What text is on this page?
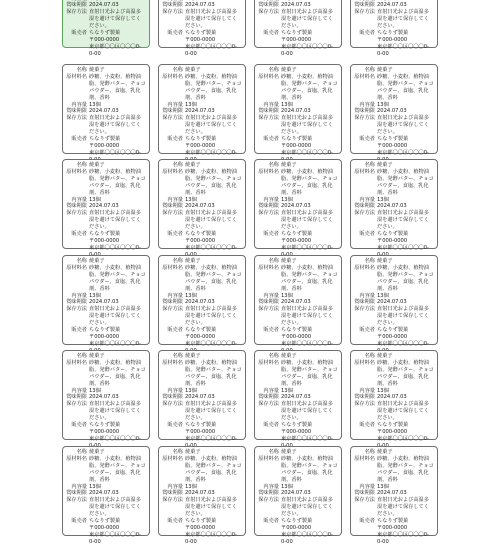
賞味期限 2024.07.03
保存方法 直射日光および高温多湿を避けて保存してください。
販売者 ちなりず製菓
〒000-0000
東京都〇〇区〇〇〇0-0-00
賞味期限 2024.07.03
保存方法 直射日光および高温多湿を避けて保存してください。
販売者 ちなりず製菓
〒000-0000
東京都〇〇区〇〇〇0-0-00
賞味期限 2024.07.03
保存方法 直射日光および高温多湿を避けて保存してください。
販売者 ちなりず製菓
〒000-0000
東京都〇〇区〇〇〇0-0-00
賞味期限 2024.07.03
保存方法 直射日光および高温多湿を避けて保存してください。
販売者 ちなりず製菓
〒000-0000
東京都〇〇区〇〇〇0-0-00
名称 焼菓子
原材料名 砂糖、小麦粉、植物油脂、発酵バター、チョコパウダー、食塩、乳化剤、香料
内容量 13個
賞味期限 2024.07.03
保存方法 直射日光および高温多湿を避けて保存してください。
販売者 ちなりず製菓
〒000-0000
東京都〇〇区〇〇〇0-
名称 焼菓子
原材料名 砂糖、小麦粉、植物油脂、発酵バター、チョコパウダー、食塩、乳化剤、香料
内容量 13個
賞味期限 2024.07.03
保存方法 直射日光および高温多湿を避けて保存してください。
販売者 ちなりず製菓
〒000-0000
東京都〇〇区〇〇〇0-
名称 焼菓子
原材料名 砂糖、小麦粉、植物油脂、発酵バター、チョコパウダー、食塩、乳化剤、香料
内容量 13個
賞味期限 2024.07.03
保存方法 直射日光および高温多湿を避けて保存してください。
販売者 ちなりず製菓
〒000-0000
東京都〇〇区〇〇〇0-
名称 焼菓子
原材料名 砂糖、小麦粉、植物油脂、発酵バター、チョコパウダー、食塩、乳化剤、香料
内容量 13個
賞味期限 2024.07.03
保存方法 直射日光および高温多湿を避けて保存してください。
販売者 ちなりず製菓
〒000-0000
東京都〇〇区〇〇〇0-
名称 焼菓子
原材料名 砂糖、小麦粉、植物油脂、発酵バター、チョコパウダー、食塩、乳化剤、香料
内容量 13個
賞味期限 2024.07.03
保存方法 直射日光および高温多湿を避けて保存してください。
販売者 ちなりず製菓
〒000-0000
東京都〇〇区〇〇〇0-
名称 焼菓子
原材料名 砂糖、小麦粉、植物油脂、発酵バター、チョコパウダー、食塩、乳化剤、香料
内容量 13個
賞味期限 2024.07.03
保存方法 直射日光および高温多湿を避けて保存してください。
販売者 ちなりず製菓
〒000-0000
東京都〇〇区〇〇〇0-
名称 焼菓子
原材料名 砂糖、小麦粉、植物油脂、発酵バター、チョコパウダー、食塩、乳化剤、香料
内容量 13個
賞味期限 2024.07.03
保存方法 直射日光および高温多湿を避けて保存してください。
販売者 ちなりず製菓
〒000-0000
東京都〇〇区〇〇〇0-
名称 焼菓子
原材料名 砂糖、小麦粉、植物油脂、発酵バター、チョコパウダー、食塩、乳化剤、香料
内容量 13個
賞味期限 2024.07.03
保存方法 直射日光および高温多湿を避けて保存してください。
販売者 ちなりず製菓
〒000-0000
東京都〇〇区〇〇〇0-
名称 焼菓子
原材料名 砂糖、小麦粉、植物油脂、発酵バター、チョコパウダー、食塩、乳化剤、香料
内容量 13個
賞味期限 2024.07.03
保存方法 直射日光および高温多湿を避けて保存してください。
販売者 ちなりず製菓
〒000-0000
東京都〇〇区〇〇〇0-
名称 焼菓子
原材料名 砂糖、小麦粉、植物油脂、発酵バター、チョコパウダー、食塩、乳化剤、香料
内容量 13個
賞味期限 2024.07.03
保存方法 直射日光および高温多湿を避けて保存してください。
販売者 ちなりず製菓
〒000-0000
東京都〇〇区〇〇〇0-
名称 焼菓子
原材料名 砂糖、小麦粉、植物油脂、発酵バター、チョコパウダー、食塩、乳化剤、香料
内容量 13個
賞味期限 2024.07.03
保存方法 直射日光および高温多湿を避けて保存してください。
販売者 ちなりず製菓
〒000-0000
東京都〇〇区〇〇〇0-
名称 焼菓子
原材料名 砂糖、小麦粉、植物油脂、発酵バター、チョコパウダー、食塩、乳化剤、香料
内容量 13個
賞味期限 2024.07.03
保存方法 直射日光および高温多湿を避けて保存してください。
販売者 ちなりず製菓
〒000-0000
東京都〇〇区〇〇〇0-
名称 焼菓子
原材料名 砂糖、小麦粉、植物油脂、発酵バター、チョコパウダー、食塩、乳化剤、香料
内容量 13個
賞味期限 2024.07.03
保存方法 直射日光および高温多湿を避けて保存してください。
販売者 ちなりず製菓
〒000-0000
東京都〇〇区〇〇〇0-
名称 焼菓子
原材料名 砂糖、小麦粉、植物油脂、発酵バター、チョコパウダー、食塩、乳化剤、香料
内容量 13個
賞味期限 2024.07.03
保存方法 直射日光および高温多湿を避けて保存してください。
販売者 ちなりず製菓
〒000-0000
東京都〇〇区〇〇〇0-
名称 焼菓子
原材料名 砂糖、小麦粉、植物油脂、発酵バター、チョコパウダー、食塩、乳化剤、香料
内容量 13個
賞味期限 2024.07.03
保存方法 直射日光および高温多湿を避けて保存してください。
販売者 ちなりず製菓
〒000-0000
東京都〇〇区〇〇〇0-
名称 焼菓子
原材料名 砂糖、小麦粉、植物油脂、発酵バター、チョコパウダー、食塩、乳化剤、香料
内容量 13個
賞味期限 2024.07.03
保存方法 直射日光および高温多湿を避けて保存してください。
販売者 ちなりず製菓
〒000-0000
東京都〇〇区〇〇〇0-
名称 焼菓子
原材料名 砂糖、小麦粉、植物油脂、発酵バター、チョコパウダー、食塩、乳化剤、香料
内容量 13個
賞味期限 2024.07.03
保存方法 直射日光および高温多湿を避けて保存してください。
販売者 ちなりず製菓
〒000-0000
東京都〇〇区〇〇〇0-0-00
名称 焼菓子
原材料名 砂糖、小麦粉、植物油脂、発酵バター、チョコパウダー、食塩、乳化剤、香料
内容量 13個
賞味期限 2024.07.03
保存方法 直射日光および高温多湿を避けて保存してください。
販売者 ちなりず製菓
〒000-0000
東京都〇〇区〇〇〇0-0-00
名称 焼菓子
原材料名 砂糖、小麦粉、植物油脂、発酵バター、チョコパウダー、食塩、乳化剤、香料
内容量 13個
賞味期限 2024.07.03
保存方法 直射日光および高温多湿を避けて保存してください。
販売者 ちなりず製菓
〒000-0000
東京都〇〇区〇〇〇0-0-00
名称 焼菓子
原材料名 砂糖、小麦粉、植物油脂、発酵バター、チョコパウダー、食塩、乳化剤、香料
内容量 13個
賞味期限 2024.07.03
保存方法 直射日光および高温多湿を避けて保存してください。
販売者 ちなりず製菓
〒000-0000
東京都〇〇区〇〇〇0-0-00
